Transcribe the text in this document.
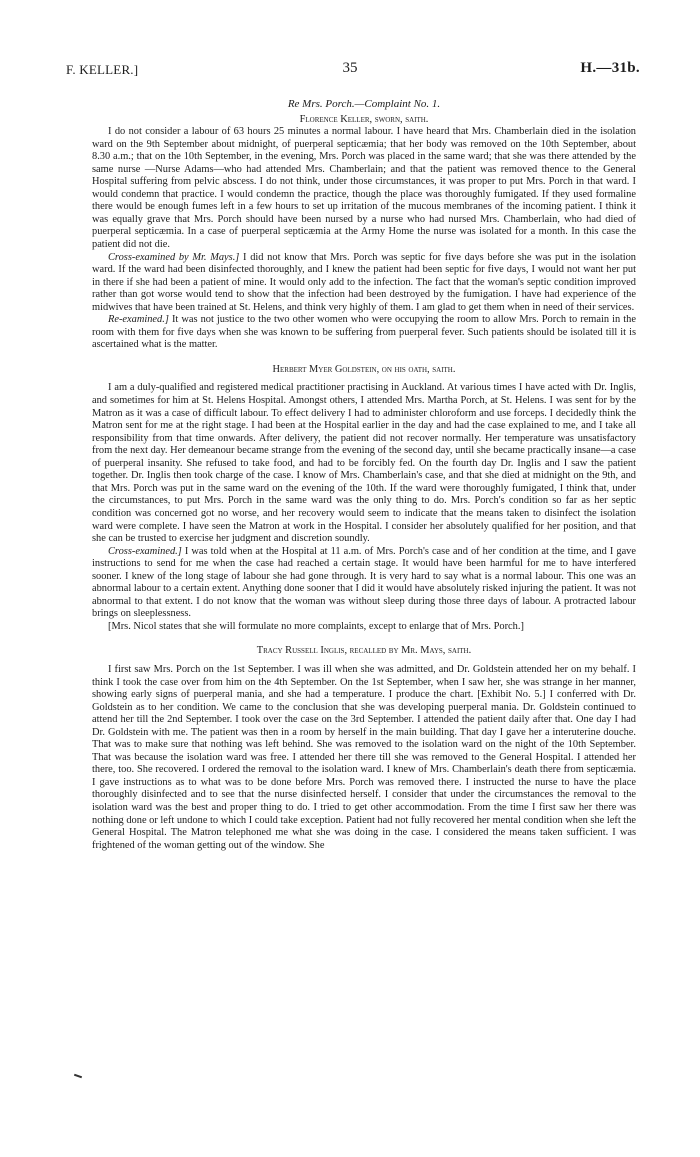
F. KELLER.]	35	H.—31b.

Re Mrs. Porch.—Complaint No. 1.

Florence Keller, sworn, saith.

I do not consider a labour of 63 hours 25 minutes a normal labour. I have heard that Mrs. Chamberlain died in the isolation ward on the 9th September about midnight, of puerperal septicæmia; that her body was removed on the 10th September, about 8.30 a.m.; that on the 10th September, in the evening, Mrs. Porch was placed in the same ward; that she was there attended by the same nurse —Nurse Adams—who had attended Mrs. Chamberlain; and that the patient was removed thence to the General Hospital suffering from pelvic abscess. I do not think, under those circumstances, it was proper to put Mrs. Porch in that ward. I would condemn that practice. I would condemn the practice, though the place was thoroughly fumigated. If they used formaline there would be enough fumes left in a few hours to set up irritation of the mucous membranes of the incoming patient. I think it was equally grave that Mrs. Porch should have been nursed by a nurse who had nursed Mrs. Chamberlain, who had died of puerperal septicæmia. In a case of puerperal septicæmia at the Army Home the nurse was isolated for a month. In this case the patient did not die.

Cross-examined by Mr. Mays.] I did not know that Mrs. Porch was septic for five days before she was put in the isolation ward. If the ward had been disinfected thoroughly, and I knew the patient had been septic for five days, I would not want her put in there if she had been a patient of mine. It would only add to the infection. The fact that the woman's septic condition improved rather than got worse would tend to show that the infection had been destroyed by the fumigation. I have had experience of the midwives that have been trained at St. Helens, and think very highly of them. I am glad to get them when in need of their services.

Re-examined.] It was not justice to the two other women who were occupying the room to allow Mrs. Porch to remain in the room with them for five days when she was known to be suffering from puerperal fever. Such patients should be isolated till it is ascertained what is the matter.

Herbert Myer Goldstein, on his oath, saith.

I am a duly-qualified and registered medical practitioner practising in Auckland. At various times I have acted with Dr. Inglis, and sometimes for him at St. Helens Hospital. Amongst others, I attended Mrs. Martha Porch, at St. Helens. I was sent for by the Matron as it was a case of difficult labour. To effect delivery I had to administer chloroform and use forceps. I decidedly think the Matron sent for me at the right stage. I had been at the Hospital earlier in the day and had the case explained to me, and I take all responsibility from that time onwards. After delivery, the patient did not recover normally. Her temperature was unsatisfactory from the next day. Her demeanour became strange from the evening of the second day, until she became practically insane—a case of puerperal insanity. She refused to take food, and had to be forcibly fed. On the fourth day Dr. Inglis and I saw the patient together. Dr. Inglis then took charge of the case. I know of Mrs. Chamberlain's case, and that she died at midnight on the 9th, and that Mrs. Porch was put in the same ward on the evening of the 10th. If the ward were thoroughly fumigated, I think that, under the circumstances, to put Mrs. Porch in the same ward was the only thing to do. Mrs. Porch's condition so far as her septic condition was concerned got no worse, and her recovery would seem to indicate that the means taken to disinfect the isolation ward were complete. I have seen the Matron at work in the Hospital. I consider her absolutely qualified for her position, and that she can be trusted to exercise her judgment and discretion soundly.

Cross-examined.] I was told when at the Hospital at 11 a.m. of Mrs. Porch's case and of her condition at the time, and I gave instructions to send for me when the case had reached a certain stage. It would have been harmful for me to have interfered sooner. I knew of the long stage of labour she had gone through. It is very hard to say what is a normal labour. This one was an abnormal labour to a certain extent. Anything done sooner that I did it would have absolutely risked injuring the patient. It was not abnormal to that extent. I do not know that the woman was without sleep during those three days of labour. A protracted labour brings on sleeplessness.

[Mrs. Nicol states that she will formulate no more complaints, except to enlarge that of Mrs. Porch.]

Tracy Russell Inglis, recalled by Mr. Mays, saith.

I first saw Mrs. Porch on the 1st September. I was ill when she was admitted, and Dr. Goldstein attended her on my behalf. I think I took the case over from him on the 4th September. On the 1st September, when I saw her, she was strange in her manner, showing early signs of puerperal mania, and she had a temperature. I produce the chart. [Exhibit No. 5.] I conferred with Dr. Goldstein as to her condition. We came to the conclusion that she was developing puerperal mania. Dr. Goldstein continued to attend her till the 2nd September. I took over the case on the 3rd September. I attended the patient daily after that. One day I had Dr. Goldstein with me. The patient was then in a room by herself in the main building. That day I gave her a interuterine douche. That was to make sure that nothing was left behind. She was removed to the isolation ward on the night of the 10th September. That was because the isolation ward was free. I attended her there till she was removed to the General Hospital. I attended her there, too. She recovered. I ordered the removal to the isolation ward. I knew of Mrs. Chamberlain's death there from septicæmia. I gave instructions as to what was to be done before Mrs. Porch was removed there. I instructed the nurse to have the place thoroughly disinfected and to see that the nurse disinfected herself. I consider that under the circumstances the removal to the isolation ward was the best and proper thing to do. I tried to get other accommodation. From the time I first saw her there was nothing done or left undone to which I could take exception. Patient had not fully recovered her mental condition when she left the General Hospital. The Matron telephoned me what she was doing in the case. I considered the means taken sufficient. I was frightened of the woman getting out of the window. She
